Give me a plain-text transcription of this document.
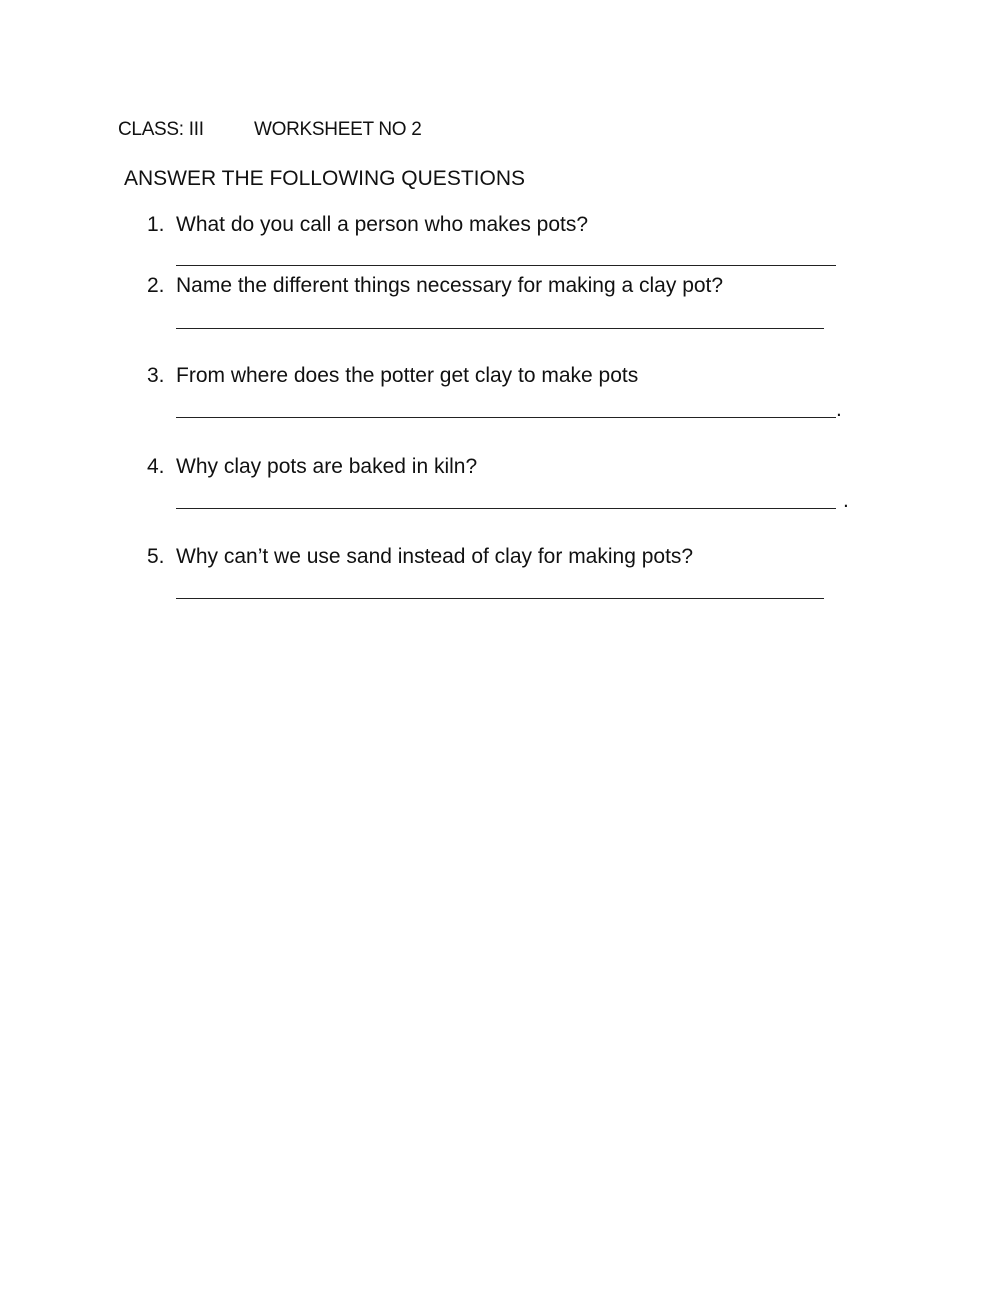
CLASS: III	WORKSHEET NO 2
ANSWER THE FOLLOWING QUESTIONS
1. What do you call a person who makes pots?
2. Name the different things necessary for making a clay pot?
3. From where does the potter get clay to make pots
.
4. Why clay pots are baked in kiln?
.
5. Why can’t we use sand instead of clay for making pots?
